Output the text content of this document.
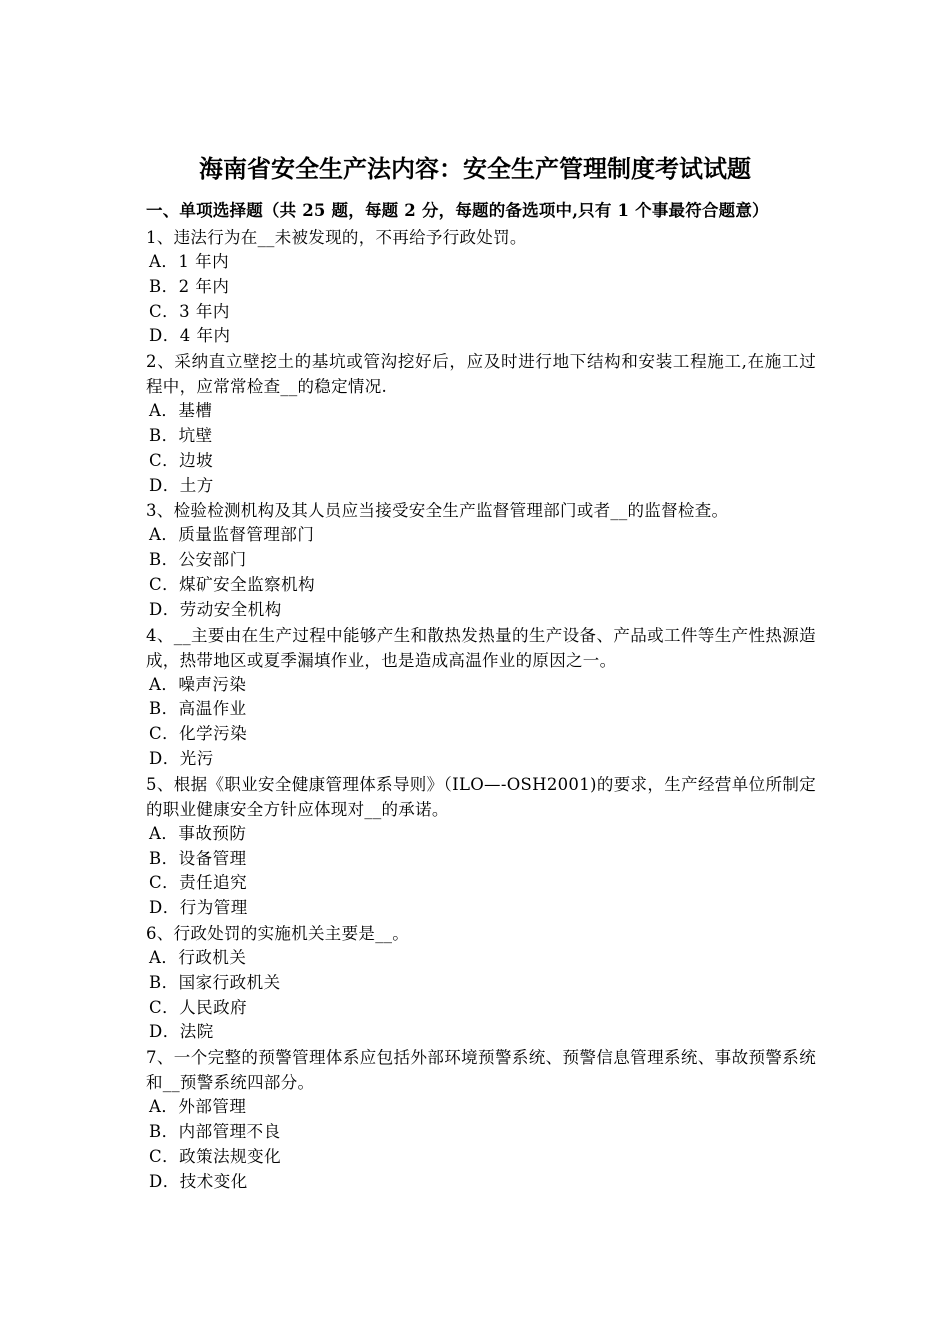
海南省安全生产法内容：安全生产管理制度考试试题

一、单项选择题（共 25 题，每题 2 分，每题的备选项中,只有 1 个事最符合题意）

1、违法行为在__未被发现的，不再给予行政处罚。

A．1 年内
B．2 年内
C．3 年内
D．4 年内

2、采纳直立壁挖土的基坑或管沟挖好后，应及时进行地下结构和安装工程施工,在施工过程中，应常常检查__的稳定情况.

A．基槽
B．坑壁
C．边坡
D．土方

3、检验检测机构及其人员应当接受安全生产监督管理部门或者__的监督检查。

A．质量监督管理部门
B．公安部门
C．煤矿安全监察机构
D．劳动安全机构

4、__主要由在生产过程中能够产生和散热发热量的生产设备、产品或工件等生产性热源造成，热带地区或夏季漏填作业，也是造成高温作业的原因之一。

A．噪声污染
B．高温作业
C．化学污染
D．光污

5、根据《职业安全健康管理体系导则》（ILO—-OSH2001)的要求，生产经营单位所制定的职业健康安全方针应体现对__的承诺。

A．事故预防
B．设备管理
C．责任追究
D．行为管理

6、行政处罚的实施机关主要是__。

A．行政机关
B．国家行政机关
C．人民政府
D．法院

7、一个完整的预警管理体系应包括外部环境预警系统、预警信息管理系统、事故预警系统和__预警系统四部分。

A．外部管理
B．内部管理不良
C．政策法规变化
D．技术变化
